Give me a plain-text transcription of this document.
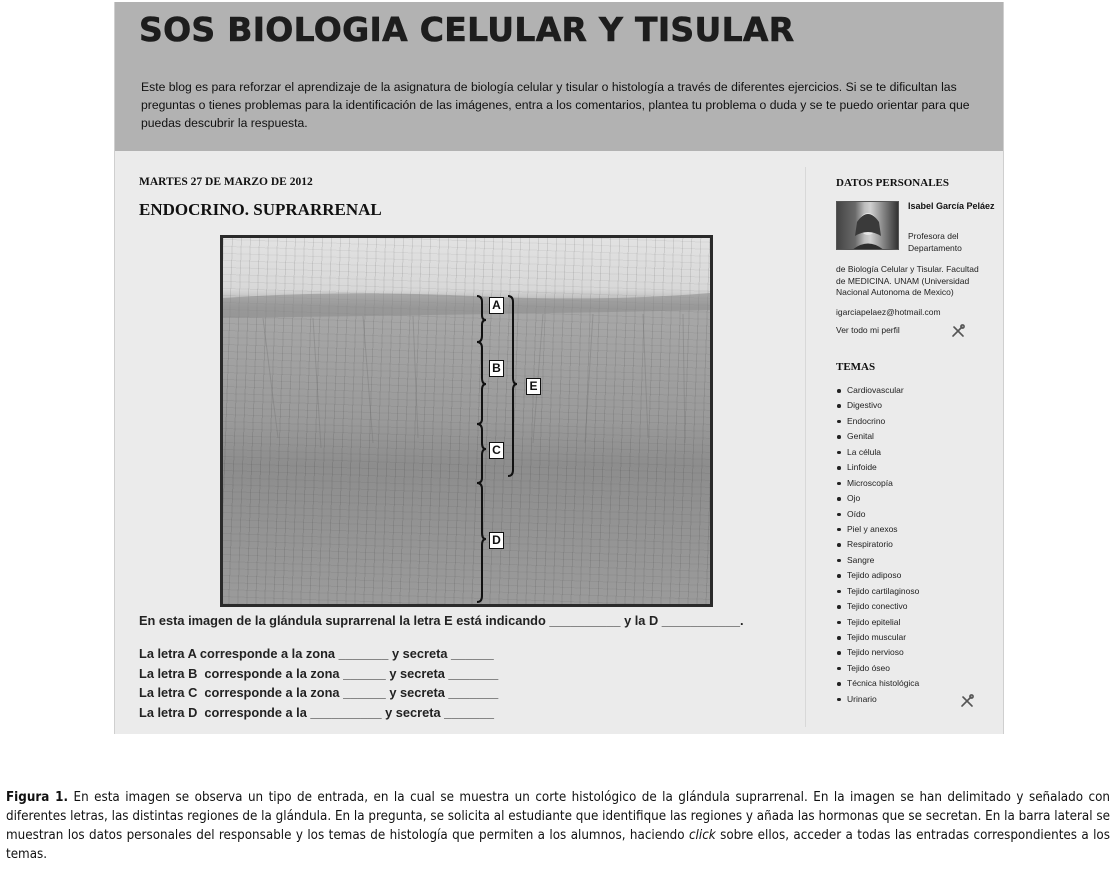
SOS BIOLOGIA CELULAR Y TISULAR

Este blog es para reforzar el aprendizaje de la asignatura de biología celular y tisular o histología a través de diferentes ejercicios. Si se te dificultan las preguntas o tienes problemas para la identificación de las imágenes, entra a los comentarios, plantea tu problema o duda y se te puedo orientar para que puedas descubrir la respuesta.

MARTES 27 DE MARZO DE 2012
ENDOCRINO. SUPRARRENAL
A
B
C
D
E
En esta imagen de la glándula suprarrenal la letra E está indicando __________ y la D ___________.
La letra A corresponde a la zona _______ y secreta ______
La letra B  corresponde a la zona ______ y secreta _______
La letra C  corresponde a la zona ______ y secreta _______
La letra D  corresponde a la __________ y secreta _______
DATOS PERSONALES
Isabel García Peláez
Profesora del Departamento
de Biología Celular y Tisular. Facultad de MEDICINA. UNAM (Universidad Nacional Autonoma de Mexico)
igarciapelaez@hotmail.com
Ver todo mi perfil
TEMAS
Cardiovascular
Digestivo
Endocrino
Genital
La célula
Linfoide
Microscopía
Ojo
Oído
Piel y anexos
Respiratorio
Sangre
Tejido adiposo
Tejido cartilaginoso
Tejido conectivo
Tejido epitelial
Tejido muscular
Tejido nervioso
Tejido óseo
Técnica histológica
Urinario

Figura 1. En esta imagen se observa un tipo de entrada, en la cual se muestra un corte histológico de la glándula suprarrenal. En la imagen se han delimitado y señalado con diferentes letras, las distintas regiones de la glándula. En la pregunta, se solicita al estudiante que identifique las regiones y añada las hormonas que se secretan. En la barra lateral se muestran los datos personales del responsable y los temas de histología que permiten a los alumnos, haciendo click sobre ellos, acceder a todas las entradas correspondientes a los temas.
